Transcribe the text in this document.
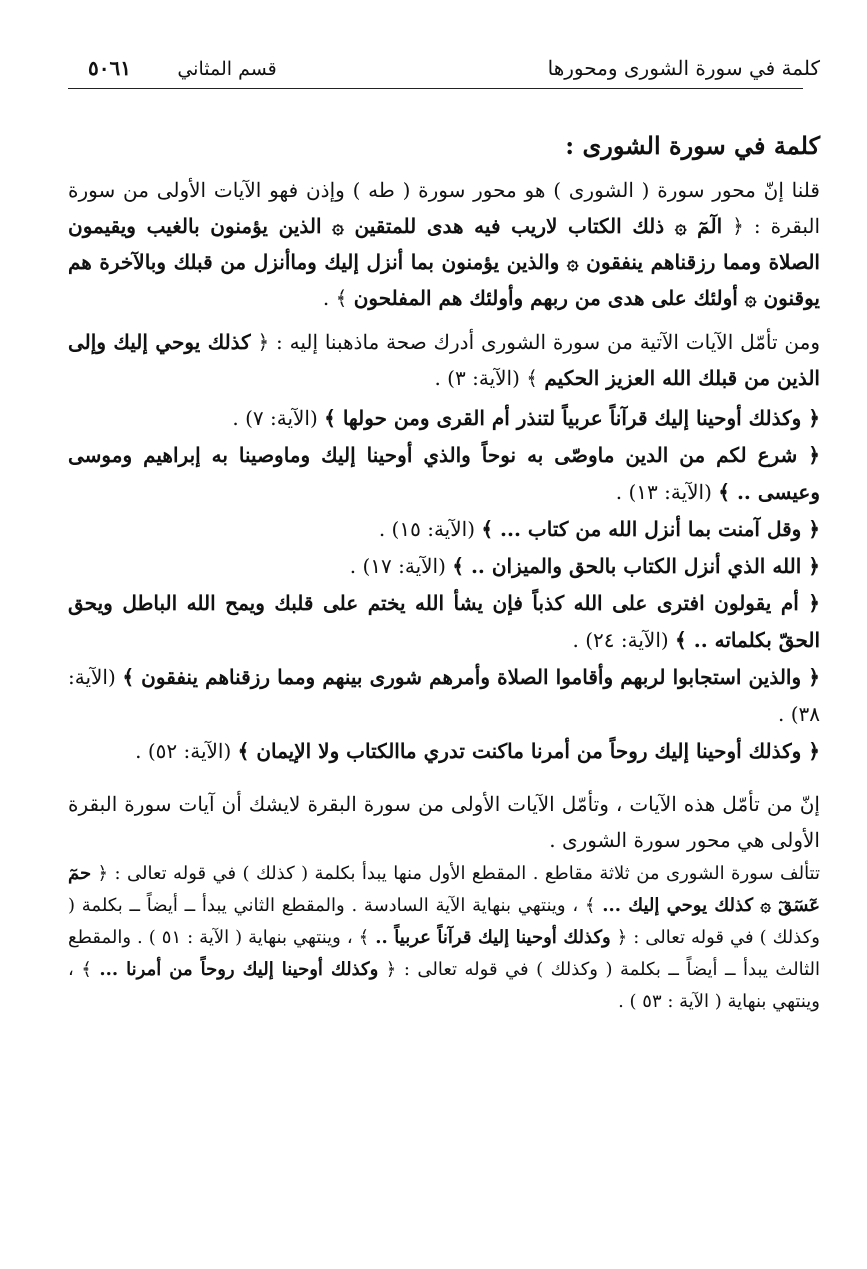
كلمة في سورة الشورى ومحورها
قسم المثاني ٥٠٦١
كلمة في سورة الشورى :

قلنا إنّ محور سورة ( الشورى ) هو محور سورة ( طه ) وإذن فهو الآيات الأولى من سورة البقرة : ﴿ الٓمٓ ۞ ذلك الكتاب لاريب فيه هدى للمتقين ۞ الذين يؤمنون بالغيب ويقيمون الصلاة ومما رزقناهم ينفقون ۞ والذين يؤمنون بما أنزل إليك وماأنزل من قبلك وبالآخرة هم يوقنون ۞ أولئك على هدى من ربهم وأولئك هم المفلحون ﴾ .

ومن تأمّل الآيات الآتية من سورة الشورى أدرك صحة ماذهبنا إليه : ﴿ كذلك يوحي إليك وإلى الذين من قبلك الله العزيز الحكيم ﴾ (الآية: ٣) .

﴿ وكذلك أوحينا إليك قرآناً عربياً لتنذر أم القرى ومن حولها ﴾ (الآية: ٧) .

﴿ شرع لكم من الدين ماوصّى به نوحاً والذي أوحينا إليك وماوصينا به إبراهيم وموسى وعيسى .. ﴾ (الآية: ١٣) .

﴿ وقل آمنت بما أنزل الله من كتاب ... ﴾ (الآية: ١٥) .

﴿ الله الذي أنزل الكتاب بالحق والميزان .. ﴾ (الآية: ١٧) .

﴿ أم يقولون افترى على الله كذباً فإن يشأ الله يختم على قلبك ويمح الله الباطل ويحق الحقّ بكلماته .. ﴾ (الآية: ٢٤) .

﴿ والذين استجابوا لربهم وأقاموا الصلاة وأمرهم شورى بينهم ومما رزقناهم ينفقون ﴾ (الآية: ٣٨) .

﴿ وكذلك أوحينا إليك روحاً من أمرنا ماكنت تدري ماالكتاب ولا الإيمان ﴾ (الآية: ٥٢) .

إنّ من تأمّل هذه الآيات ، وتأمّل الآيات الأولى من سورة البقرة لايشك أن آيات سورة البقرة الأولى هي محور سورة الشورى .

تتألف سورة الشورى من ثلاثة مقاطع . المقطع الأول منها يبدأ بكلمة ( كذلك ) في قوله تعالى : ﴿ حمٓ عٓسٓقٓ ۞ كذلك يوحي إليك ... ﴾ ، وينتهي بنهاية الآية السادسة . والمقطع الثاني يبدأ ــ أيضاً ــ بكلمة ( وكذلك ) في قوله تعالى : ﴿ وكذلك أوحينا إليك قرآناً عربياً .. ﴾ ، وينتهي بنهاية ( الآية : ٥١ ) . والمقطع الثالث يبدأ ــ أيضاً ــ بكلمة ( وكذلك ) في قوله تعالى : ﴿ وكذلك أوحينا إليك روحاً من أمرنا ... ﴾ ، وينتهي بنهاية ( الآية : ٥٣ ) .
